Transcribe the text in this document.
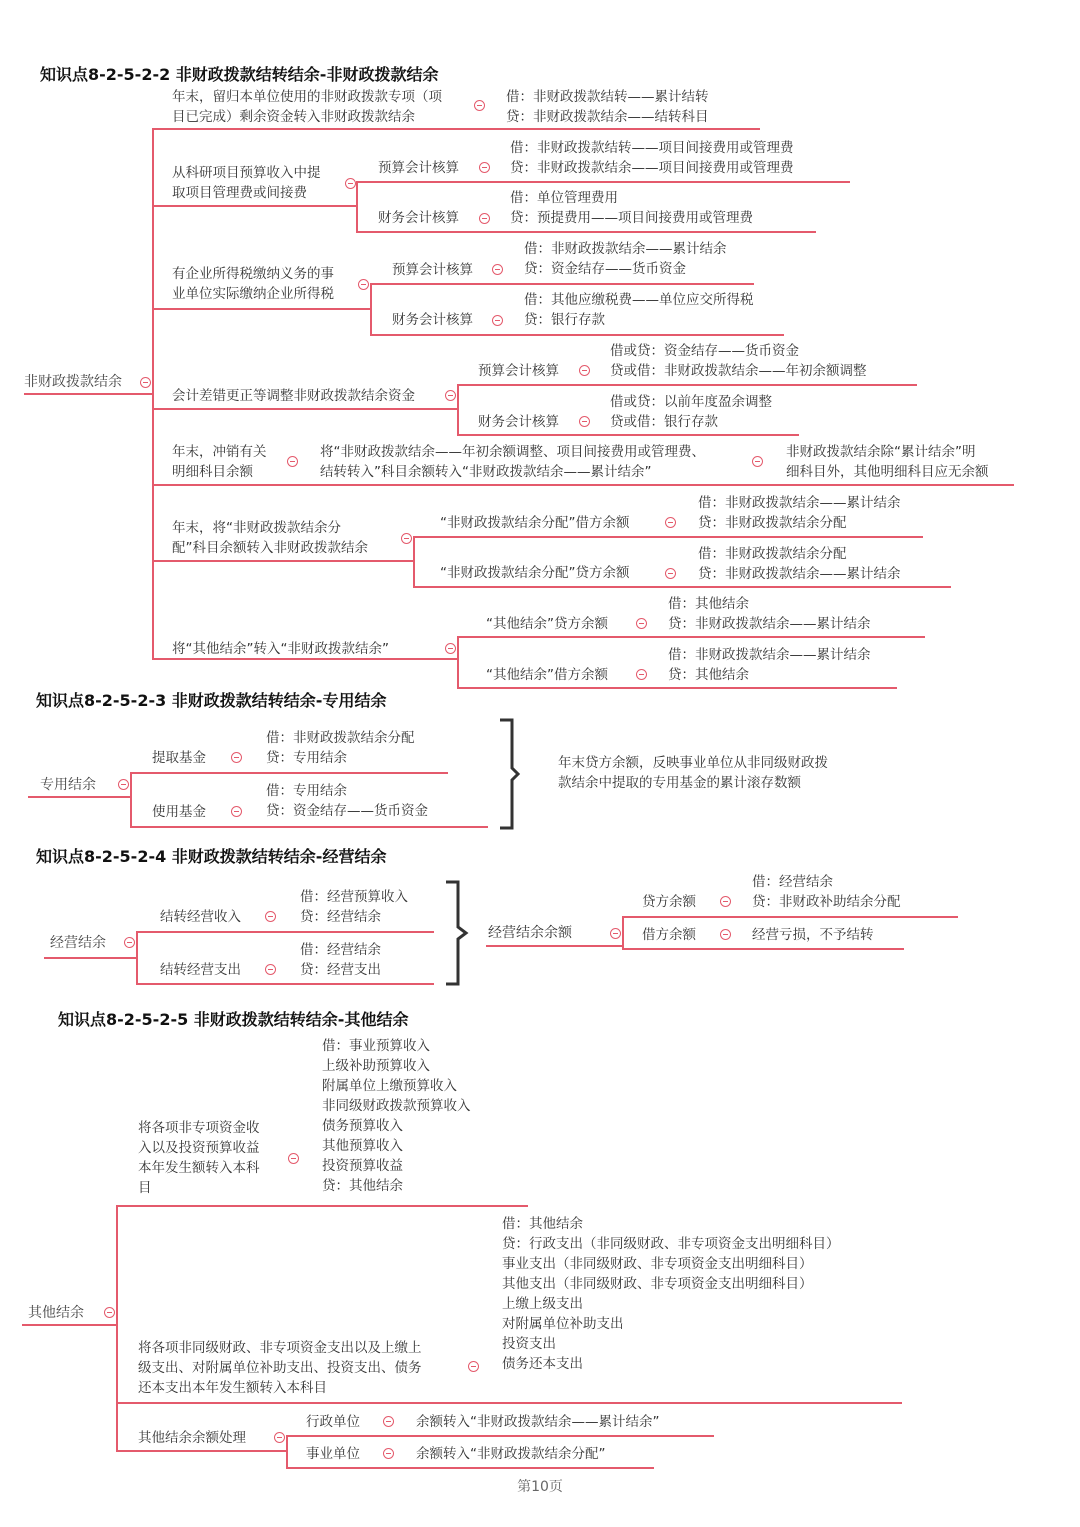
知识点8-2-5-2-2 非财政拨款结转结余-非财政拨款结余
非财政拨款结余
年末，留归本单位使用的非财政拨款专项（项
目已完成）剩余资金转入非财政拨款结余
借：非财政拨款结转——累计结转
贷：非财政拨款结余——结转科目
从科研项目预算收入中提
取项目管理费或间接费
预算会计核算
借：非财政拨款结转——项目间接费用或管理费
贷：非财政拨款结余——项目间接费用或管理费
财务会计核算
借：单位管理费用
贷：预提费用——项目间接费用或管理费
有企业所得税缴纳义务的事
业单位实际缴纳企业所得税
预算会计核算
借：非财政拨款结余——累计结余
贷：资金结存——货币资金
财务会计核算
借：其他应缴税费——单位应交所得税
贷：银行存款
会计差错更正等调整非财政拨款结余资金
预算会计核算
借或贷：资金结存——货币资金
贷或借：非财政拨款结余——年初余额调整
财务会计核算
借或贷：以前年度盈余调整
贷或借：银行存款
年末，冲销有关
明细科目余额
将“非财政拨款结余——年初余额调整、项目间接费用或管理费、
结转转入”科目余额转入“非财政拨款结余——累计结余”
非财政拨款结余除“累计结余”明
细科目外，其他明细科目应无余额
年末，将“非财政拨款结余分
配”科目余额转入非财政拨款结余
“非财政拨款结余分配”借方余额
借：非财政拨款结余——累计结余
贷：非财政拨款结余分配
“非财政拨款结余分配”贷方余额
借：非财政拨款结余分配
贷：非财政拨款结余——累计结余
将“其他结余”转入“非财政拨款结余”
“其他结余”贷方余额
借：其他结余
贷：非财政拨款结余——累计结余
“其他结余”借方余额
借：非财政拨款结余——累计结余
贷：其他结余
知识点8-2-5-2-3 非财政拨款结转结余-专用结余
专用结余
提取基金
借：非财政拨款结余分配
贷：专用结余
使用基金
借：专用结余
贷：资金结存——货币资金
年末贷方余额，反映事业单位从非同级财政拨
款结余中提取的专用基金的累计滚存数额
知识点8-2-5-2-4 非财政拨款结转结余-经营结余
经营结余
结转经营收入
借：经营预算收入
贷：经营结余
结转经营支出
借：经营结余
贷：经营支出
经营结余余额
贷方余额
借：经营结余
贷：非财政补助结余分配
借方余额	经营亏损，不予结转
知识点8-2-5-2-5 非财政拨款结转结余-其他结余
其他结余
将各项非专项资金收
入以及投资预算收益
本年发生额转入本科
目
借：事业预算收入
上级补助预算收入
附属单位上缴预算收入
非同级财政拨款预算收入
债务预算收入
其他预算收入
投资预算收益
贷：其他结余
将各项非同级财政、非专项资金支出以及上缴上
级支出、对附属单位补助支出、投资支出、债务
还本支出本年发生额转入本科目
借：其他结余
贷：行政支出（非同级财政、非专项资金支出明细科目）
事业支出（非同级财政、非专项资金支出明细科目）
其他支出（非同级财政、非专项资金支出明细科目）
上缴上级支出
对附属单位补助支出
投资支出
债务还本支出
其他结余余额处理
行政单位	余额转入“非财政拨款结余——累计结余”
事业单位	余额转入“非财政拨款结余分配”
第10页
